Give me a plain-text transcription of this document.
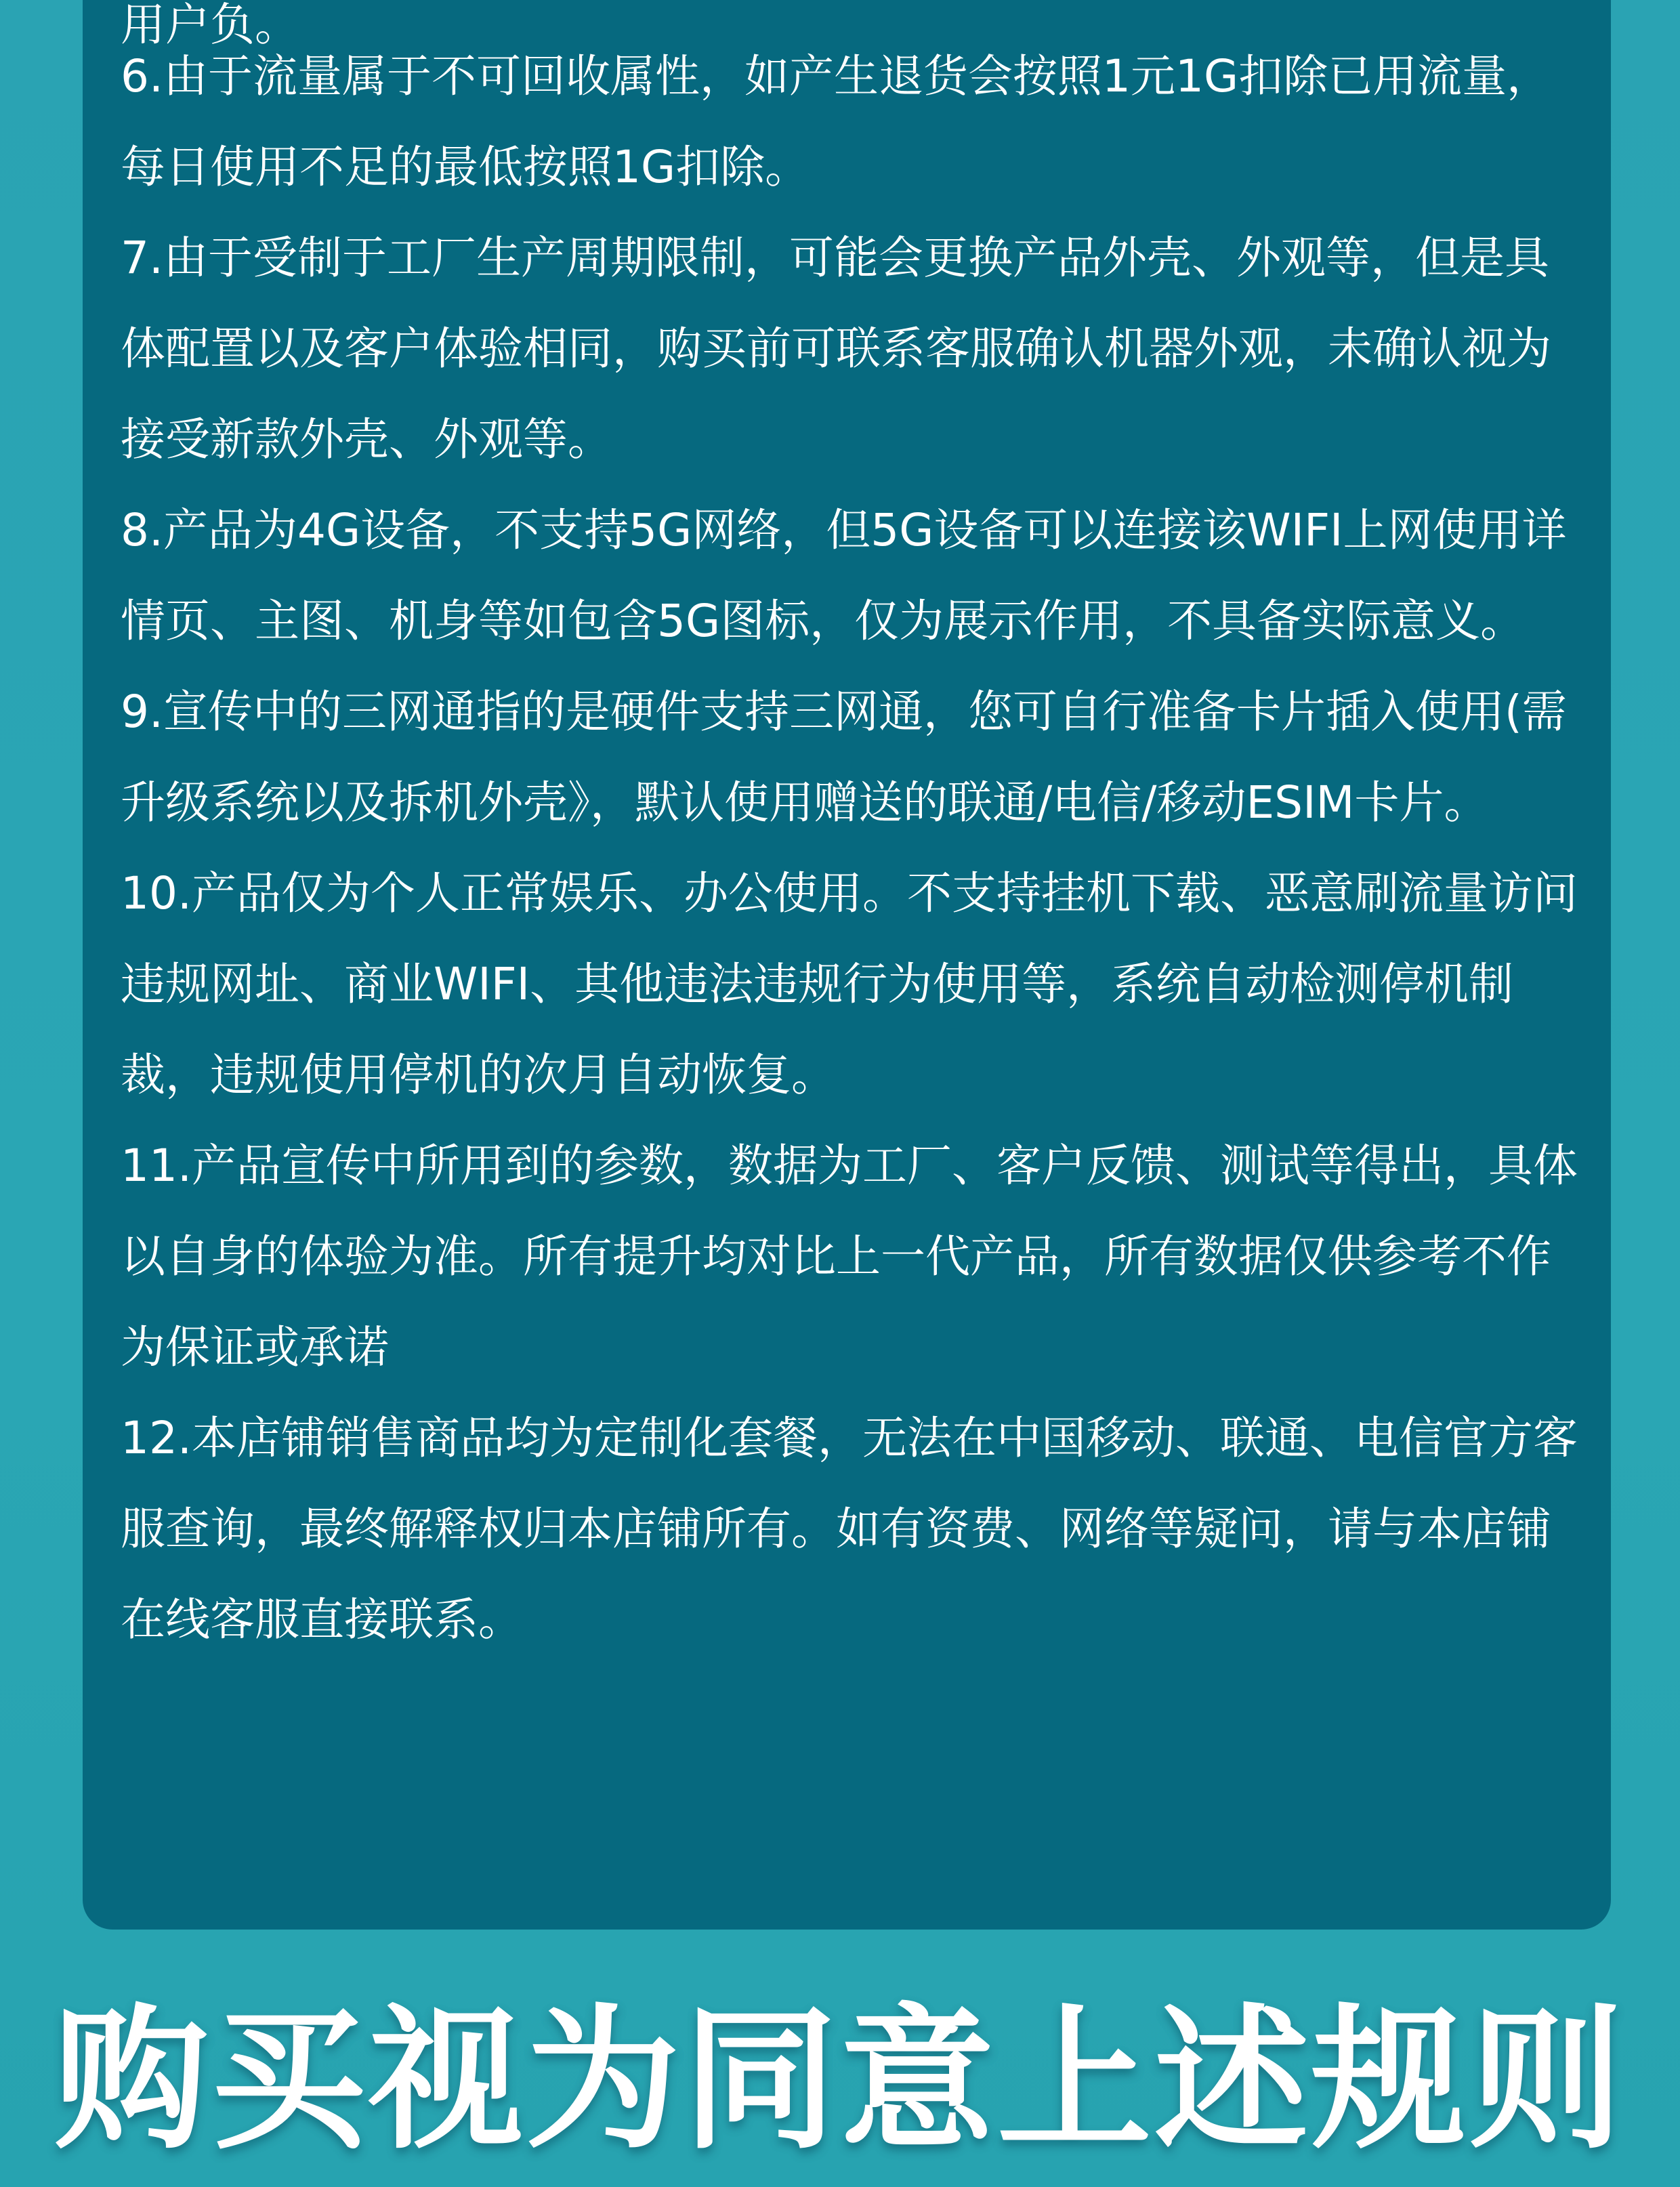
用户负。
6.由于流量属于不可回收属性，如产生退货会按照1元1G扣除已用流量，每日使用不足的最低按照1G扣除。
7.由于受制于工厂生产周期限制，可能会更换产品外壳、外观等，但是具体配置以及客户体验相同，购买前可联系客服确认机器外观，未确认视为接受新款外壳、外观等。
8.产品为4G设备，不支持5G网络，但5G设备可以连接该WIFI上网使用详情页、主图、机身等如包含5G图标，仅为展示作用，不具备实际意义。
9.宣传中的三网通指的是硬件支持三网通，您可自行准备卡片插入使用(需升级系统以及拆机外壳》，默认使用赠送的联通/电信/移动ESIM卡片。
10.产品仅为个人正常娱乐、办公使用。不支持挂机下载、恶意刷流量访问违规网址、商业WIFI、其他违法违规行为使用等，系统自动检测停机制裁，违规使用停机的次月自动恢复。
11.产品宣传中所用到的参数，数据为工厂、客户反馈、测试等得出，具体以自身的体验为准。所有提升均对比上一代产品，所有数据仅供参考不作为保证或承诺
12.本店铺销售商品均为定制化套餐，无法在中国移动、联通、电信官方客服查询，最终解释权归本店铺所有。如有资费、网络等疑问，请与本店铺在线客服直接联系。
购买视为同意上述规则
